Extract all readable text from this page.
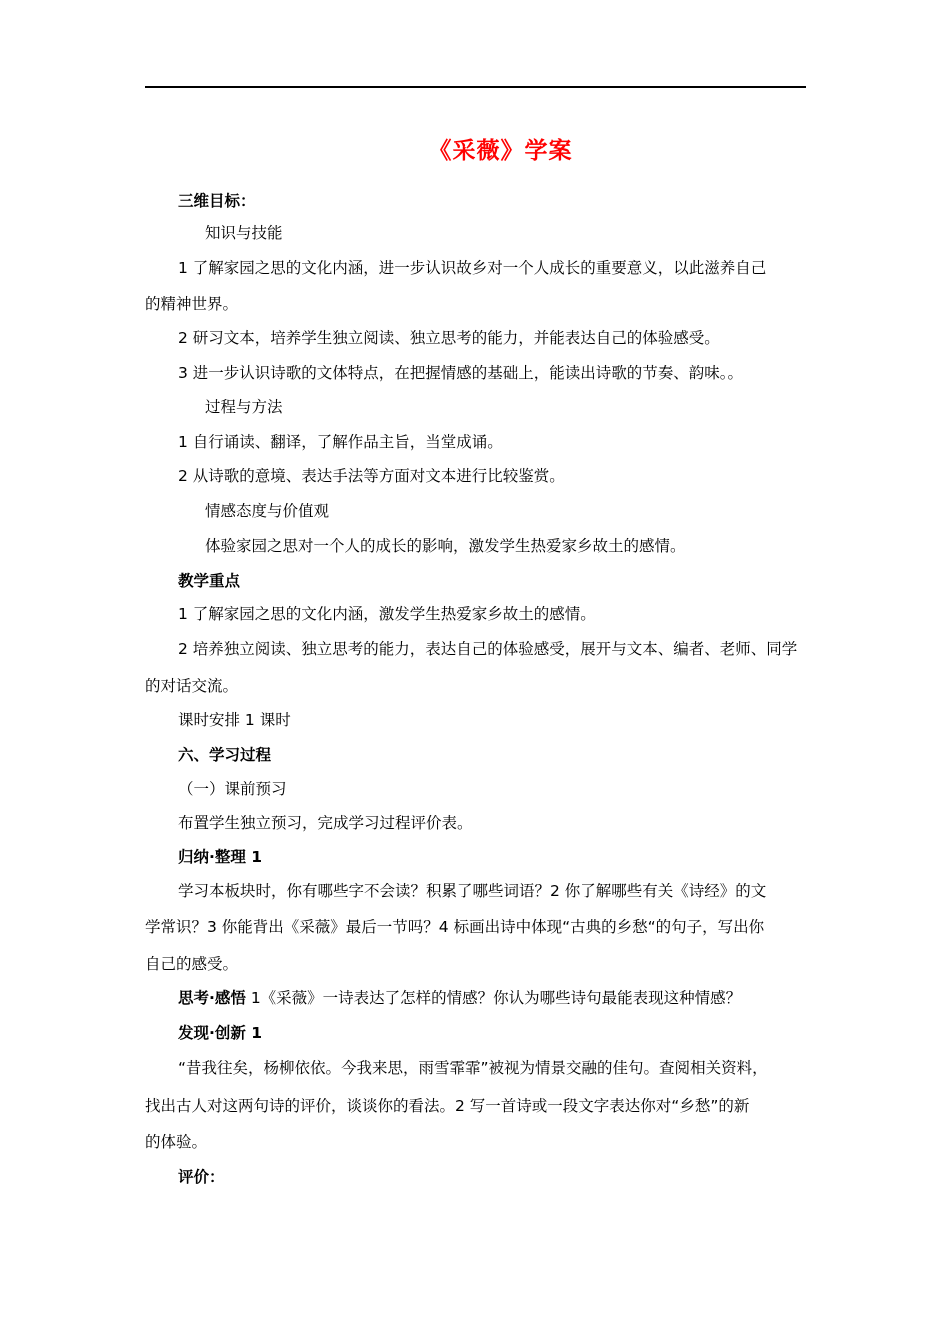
《采薇》学案
三维目标：
知识与技能
1 了解家园之思的文化内涵，进一步认识故乡对一个人成长的重要意义，以此滋养自己
的精神世界。
2 研习文本，培养学生独立阅读、独立思考的能力，并能表达自己的体验感受。
3 进一步认识诗歌的文体特点，在把握情感的基础上，能读出诗歌的节奏、韵味。。
过程与方法
1 自行诵读、翻译，了解作品主旨，当堂成诵。
2 从诗歌的意境、表达手法等方面对文本进行比较鉴赏。
情感态度与价值观
体验家园之思对一个人的成长的影响，激发学生热爱家乡故土的感情。
教学重点
1 了解家园之思的文化内涵，激发学生热爱家乡故土的感情。
2 培养独立阅读、独立思考的能力，表达自己的体验感受，展开与文本、编者、老师、同学
的对话交流。
课时安排 1 课时
六、学习过程
（一）课前预习
布置学生独立预习，完成学习过程评价表。
归纳·整理 1
学习本板块时，你有哪些字不会读？积累了哪些词语？2 你了解哪些有关《诗经》的文
学常识？3 你能背出《采薇》最后一节吗？4 标画出诗中体现“古典的乡愁“的句子，写出你
自己的感受。
思考·感悟 1《采薇》一诗表达了怎样的情感？你认为哪些诗句最能表现这种情感？
发现·创新 1
“昔我往矣，杨柳依依。今我来思，雨雪霏霏”被视为情景交融的佳句。查阅相关资料，
找出古人对这两句诗的评价，谈谈你的看法。2 写一首诗或一段文字表达你对“乡愁”的新
的体验。
评价：
